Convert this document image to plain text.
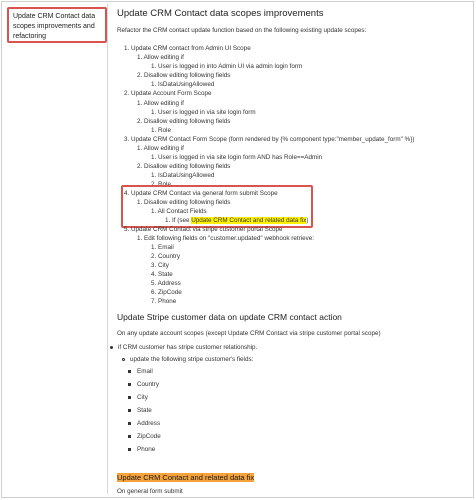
Update CRM Contact data scopes improvements and refactoring
Update CRM Contact data scopes improvements
Refactor the CRM contact update function based on the following existing update scopes:
1. Update CRM contact from Admin UI Scope
1. Allow editing if
1. User is logged in into Admin UI via admin login form
2. Disallow editing following fields
1. IsDataUsingAllowed
2. Update Account Form Scope
1. Allow editing if
1. User is logged in via site login form
2. Disallow editing following fields
1. Role
3. Update CRM Contact Form Scope (form rendered by {% component type:"member_update_form" %})
1. Allow editing if
1. User is logged in via site login form AND has Role==Admin
2. Disallow editing following fields
1. IsDataUsingAllowed
2. Role
4. Update CRM Contact via general form submit Scope
1. Disallow editing following fields
1. All Contact Fields
1. If (see Update CRM Contact and related data fix)
5. Update CRM Contact via stripe customer portal Scope
1. Edit following fields on "customer.updated" webhook retrieve:
1. Email
2. Country
3. City
4. State
5. Address
6. ZipCode
7. Phone
Update Stripe customer data on update CRM contact action
On any update account scopes (except Update CRM Contact via stripe customer portal scope)
if CRM customer has stripe customer relationship.
update the following stripe customer's fields:
Email
Country
City
State
Address
ZipCode
Phone
Update CRM Contact and related data fix
On general form submit
